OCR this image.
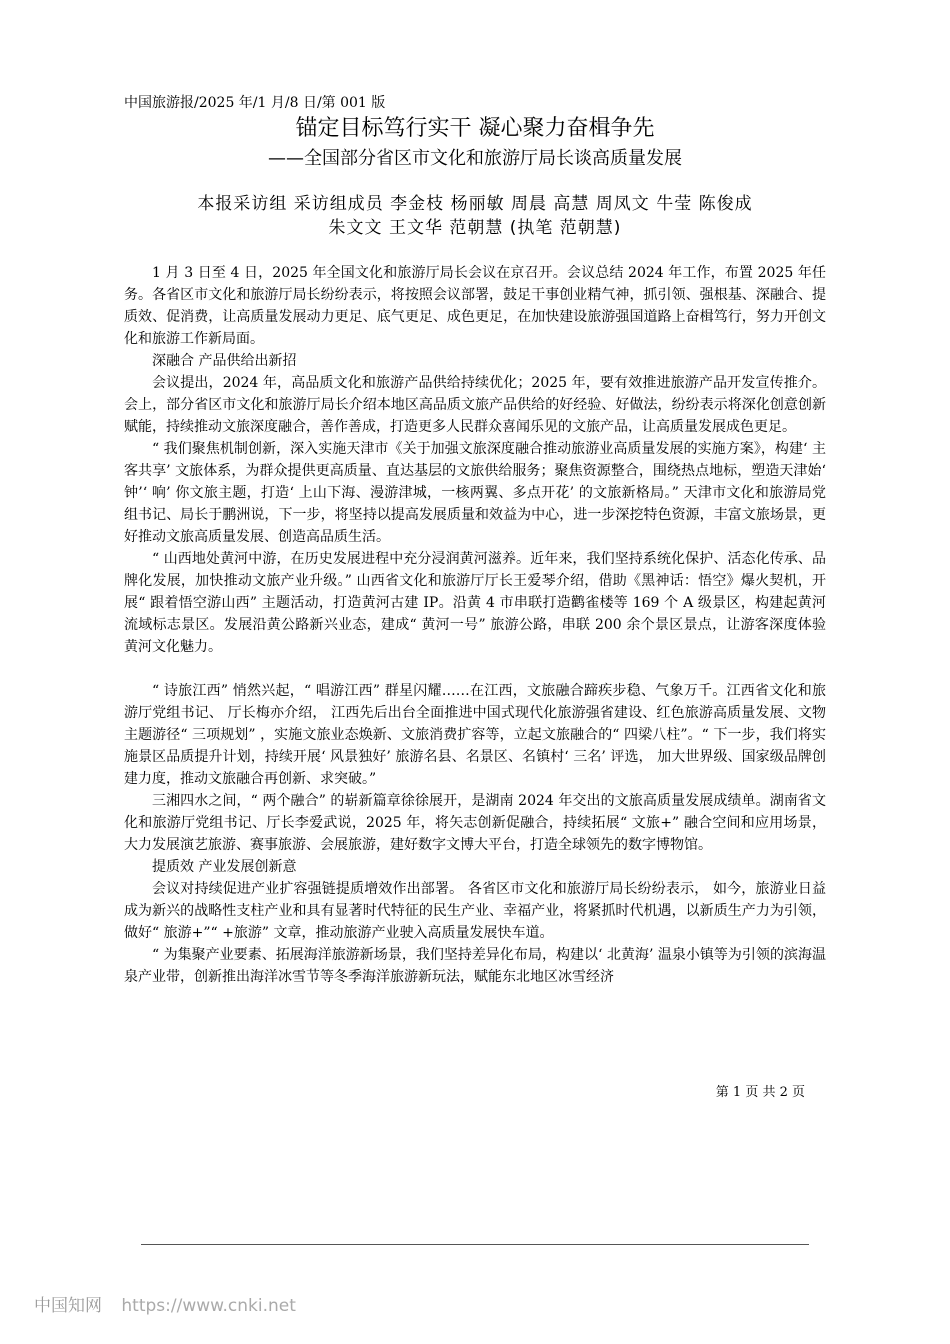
中国旅游报/2025 年/1 月/8 日/第 001 版
锚定目标笃行实干 凝心聚力奋楫争先
——全国部分省区市文化和旅游厅局长谈高质量发展
本报采访组 采访组成员 李金枝 杨丽敏 周晨 高慧 周凤文 牛莹 陈俊成
朱文文 王文华 范朝慧 (执笔 范朝慧)

1 月 3 日至 4 日，2025 年全国文化和旅游厅局长会议在京召开。会议总结 2024 年工作，布置 2025 年任务。各省区市文化和旅游厅局长纷纷表示，将按照会议部署，鼓足干事创业精气神，抓引领、强根基、深融合、提质效、促消费，让高质量发展动力更足、底气更足、成色更足，在加快建设旅游强国道路上奋楫笃行，努力开创文化和旅游工作新局面。

深融合 产品供给出新招

会议提出，2024 年，高品质文化和旅游产品供给持续优化；2025 年，要有效推进旅游产品开发宣传推介。会上，部分省区市文化和旅游厅局长介绍本地区高品质文旅产品供给的好经验、好做法，纷纷表示将深化创意创新赋能，持续推动文旅深度融合，善作善成，打造更多人民群众喜闻乐见的文旅产品，让高质量发展成色更足。

“ 我们聚焦机制创新，深入实施天津市《关于加强文旅深度融合推动旅游业高质量发展的实施方案》，构建‘ 主客共享’ 文旅体系，为群众提供更高质量、直达基层的文旅供给服务；聚焦资源整合，围绕热点地标，塑造天津始‘ 钟’‘ 响’ 你文旅主题，打造‘ 上山下海、漫游津城，一核两翼、多点开花’ 的文旅新格局。” 天津市文化和旅游局党组书记、局长于鹏洲说，下一步，将坚持以提高发展质量和效益为中心，进一步深挖特色资源，丰富文旅场景，更好推动文旅高质量发展、创造高品质生活。

“ 山西地处黄河中游，在历史发展进程中充分浸润黄河滋养。近年来，我们坚持系统化保护、活态化传承、品牌化发展，加快推动文旅产业升级。” 山西省文化和旅游厅厅长王爱琴介绍，借助《黑神话：悟空》爆火契机，开展“ 跟着悟空游山西” 主题活动，打造黄河古建 IP。沿黄 4 市串联打造鹳雀楼等 169 个 A 级景区，构建起黄河流域标志景区。发展沿黄公路新兴业态，建成“ 黄河一号” 旅游公路，串联 200 余个景区景点，让游客深度体验黄河文化魅力。

“ 诗旅江西” 悄然兴起，“ 唱游江西” 群星闪耀……在江西，文旅融合蹄疾步稳、气象万千。江西省文化和旅游厅党组书记、 厅长梅亦介绍， 江西先后出台全面推进中国式现代化旅游强省建设、红色旅游高质量发展、文物主题游径“ 三项规划” ，实施文旅业态焕新、文旅消费扩容等，立起文旅融合的“ 四梁八柱”。“ 下一步，我们将实施景区品质提升计划，持续开展‘ 风景独好’ 旅游名县、名景区、名镇村‘ 三名’ 评选， 加大世界级、国家级品牌创建力度，推动文旅融合再创新、求突破。”

三湘四水之间，“ 两个融合” 的崭新篇章徐徐展开，是湖南 2024 年交出的文旅高质量发展成绩单。湖南省文化和旅游厅党组书记、厅长李爱武说，2025 年，将矢志创新促融合，持续拓展“ 文旅+” 融合空间和应用场景，大力发展演艺旅游、赛事旅游、会展旅游，建好数字文博大平台，打造全球领先的数字博物馆。

提质效 产业发展创新意

会议对持续促进产业扩容强链提质增效作出部署。 各省区市文化和旅游厅局长纷纷表示， 如今，旅游业日益成为新兴的战略性支柱产业和具有显著时代特征的民生产业、幸福产业，将紧抓时代机遇，以新质生产力为引领，做好“ 旅游+”“ +旅游” 文章，推动旅游产业驶入高质量发展快车道。

“ 为集聚产业要素、拓展海洋旅游新场景，我们坚持差异化布局，构建以‘ 北黄海’ 温泉小镇等为引领的滨海温泉产业带，创新推出海洋冰雪节等冬季海洋旅游新玩法，赋能东北地区冰雪经济

第 1 页 共 2 页
中国知网 https://www.cnki.net
